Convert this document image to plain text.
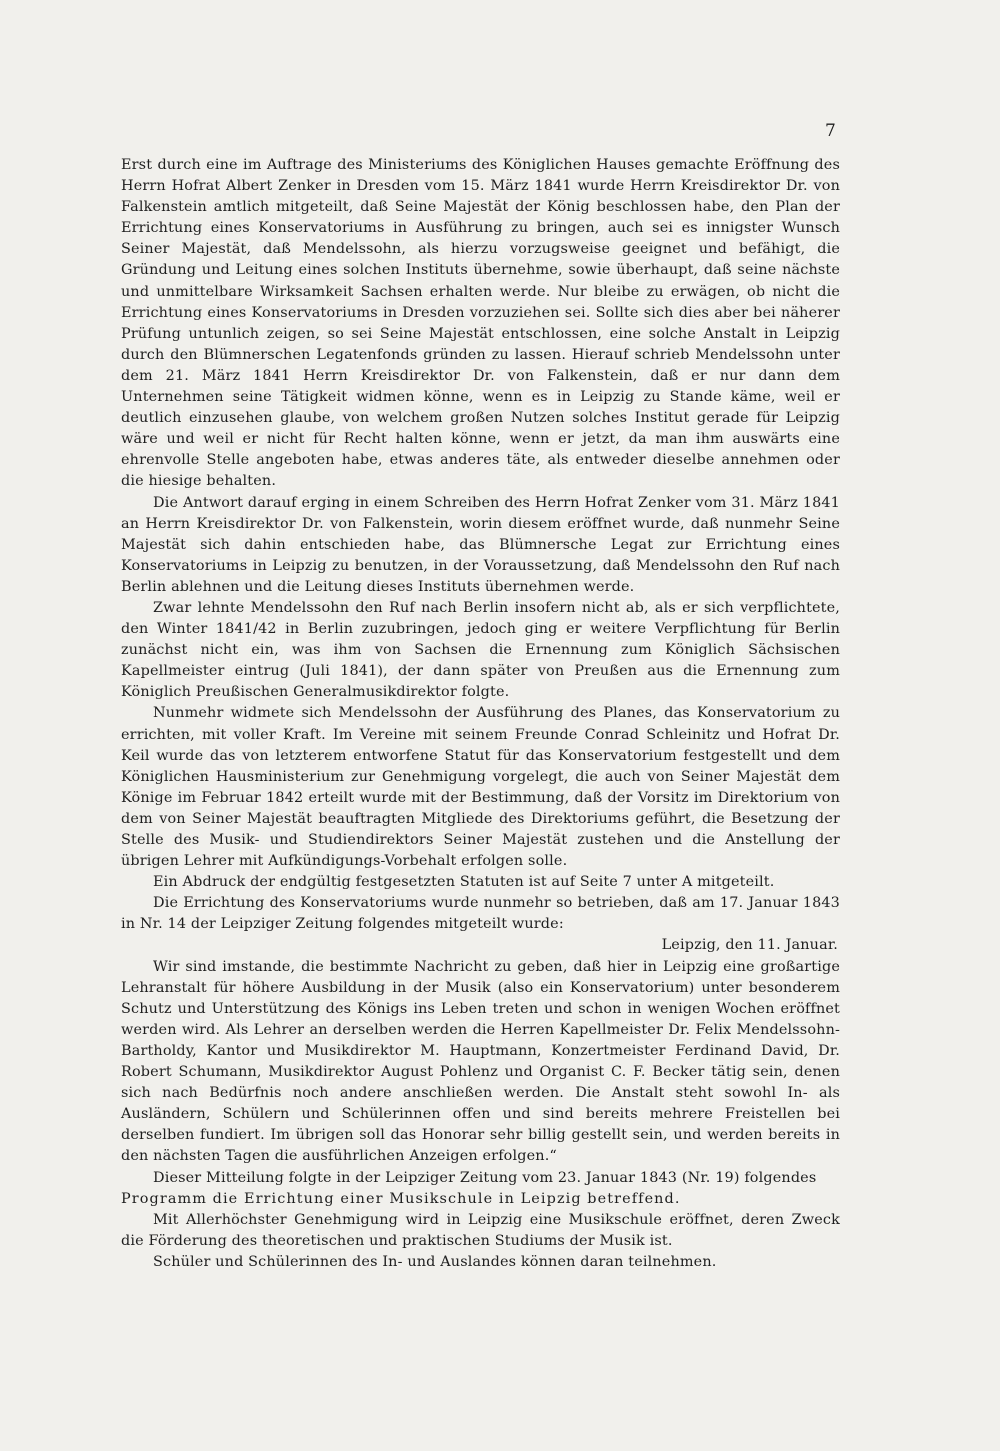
7

Erst durch eine im Auftrage des Ministeriums des Königlichen Hauses gemachte Eröffnung des Herrn Hofrat Albert Zenker in Dresden vom 15. März 1841 wurde Herrn Kreisdirektor Dr. von Falkenstein amtlich mitgeteilt, daß Seine Majestät der König beschlossen habe, den Plan der Errichtung eines Konservatoriums in Ausführung zu bringen, auch sei es innigster Wunsch Seiner Majestät, daß Mendelssohn, als hierzu vorzugsweise geeignet und befähigt, die Gründung und Leitung eines solchen Instituts übernehme, sowie überhaupt, daß seine nächste und unmittelbare Wirksamkeit Sachsen erhalten werde. Nur bleibe zu erwägen, ob nicht die Errichtung eines Konservatoriums in Dresden vorzuziehen sei. Sollte sich dies aber bei näherer Prüfung untunlich zeigen, so sei Seine Majestät entschlossen, eine solche Anstalt in Leipzig durch den Blümnerschen Legatenfonds gründen zu lassen. Hierauf schrieb Mendelssohn unter dem 21. März 1841 Herrn Kreisdirektor Dr. von Falkenstein, daß er nur dann dem Unternehmen seine Tätigkeit widmen könne, wenn es in Leipzig zu Stande käme, weil er deutlich einzusehen glaube, von welchem großen Nutzen solches Institut gerade für Leipzig wäre und weil er nicht für Recht halten könne, wenn er jetzt, da man ihm auswärts eine ehrenvolle Stelle angeboten habe, etwas anderes täte, als entweder dieselbe annehmen oder die hiesige behalten.

Die Antwort darauf erging in einem Schreiben des Herrn Hofrat Zenker vom 31. März 1841 an Herrn Kreisdirektor Dr. von Falkenstein, worin diesem eröffnet wurde, daß nunmehr Seine Majestät sich dahin entschieden habe, das Blümnersche Legat zur Errichtung eines Konservatoriums in Leipzig zu benutzen, in der Voraussetzung, daß Mendelssohn den Ruf nach Berlin ablehnen und die Leitung dieses Instituts übernehmen werde.

Zwar lehnte Mendelssohn den Ruf nach Berlin insofern nicht ab, als er sich verpflichtete, den Winter 1841/42 in Berlin zuzubringen, jedoch ging er weitere Verpflichtung für Berlin zunächst nicht ein, was ihm von Sachsen die Ernennung zum Königlich Sächsischen Kapellmeister eintrug (Juli 1841), der dann später von Preußen aus die Ernennung zum Königlich Preußischen Generalmusikdirektor folgte.

Nunmehr widmete sich Mendelssohn der Ausführung des Planes, das Konservatorium zu errichten, mit voller Kraft. Im Vereine mit seinem Freunde Conrad Schleinitz und Hofrat Dr. Keil wurde das von letzterem entworfene Statut für das Konservatorium festgestellt und dem Königlichen Hausministerium zur Genehmigung vorgelegt, die auch von Seiner Majestät dem Könige im Februar 1842 erteilt wurde mit der Bestimmung, daß der Vorsitz im Direktorium von dem von Seiner Majestät beauftragten Mitgliede des Direktoriums geführt, die Besetzung der Stelle des Musik- und Studiendirektors Seiner Majestät zustehen und die Anstellung der übrigen Lehrer mit Aufkündigungs-Vorbehalt erfolgen solle.

Ein Abdruck der endgültig festgesetzten Statuten ist auf Seite 7 unter A mitgeteilt.

Die Errichtung des Konservatoriums wurde nunmehr so betrieben, daß am 17. Januar 1843 in Nr. 14 der Leipziger Zeitung folgendes mitgeteilt wurde:

Leipzig, den 11. Januar.

Wir sind imstande, die bestimmte Nachricht zu geben, daß hier in Leipzig eine großartige Lehranstalt für höhere Ausbildung in der Musik (also ein Konservatorium) unter besonderem Schutz und Unterstützung des Königs ins Leben treten und schon in wenigen Wochen eröffnet werden wird. Als Lehrer an derselben werden die Herren Kapellmeister Dr. Felix Mendelssohn-Bartholdy, Kantor und Musikdirektor M. Hauptmann, Konzertmeister Ferdinand David, Dr. Robert Schumann, Musikdirektor August Pohlenz und Organist C. F. Becker tätig sein, denen sich nach Bedürfnis noch andere anschließen werden. Die Anstalt steht sowohl In- als Ausländern, Schülern und Schülerinnen offen und sind bereits mehrere Freistellen bei derselben fundiert. Im übrigen soll das Honorar sehr billig gestellt sein, und werden bereits in den nächsten Tagen die ausführlichen Anzeigen erfolgen.“

Dieser Mitteilung folgte in der Leipziger Zeitung vom 23. Januar 1843 (Nr. 19) folgendes

Programm die Errichtung einer Musikschule in Leipzig betreffend.

Mit Allerhöchster Genehmigung wird in Leipzig eine Musikschule eröffnet, deren Zweck die Förderung des theoretischen und praktischen Studiums der Musik ist.

Schüler und Schülerinnen des In- und Auslandes können daran teilnehmen.
